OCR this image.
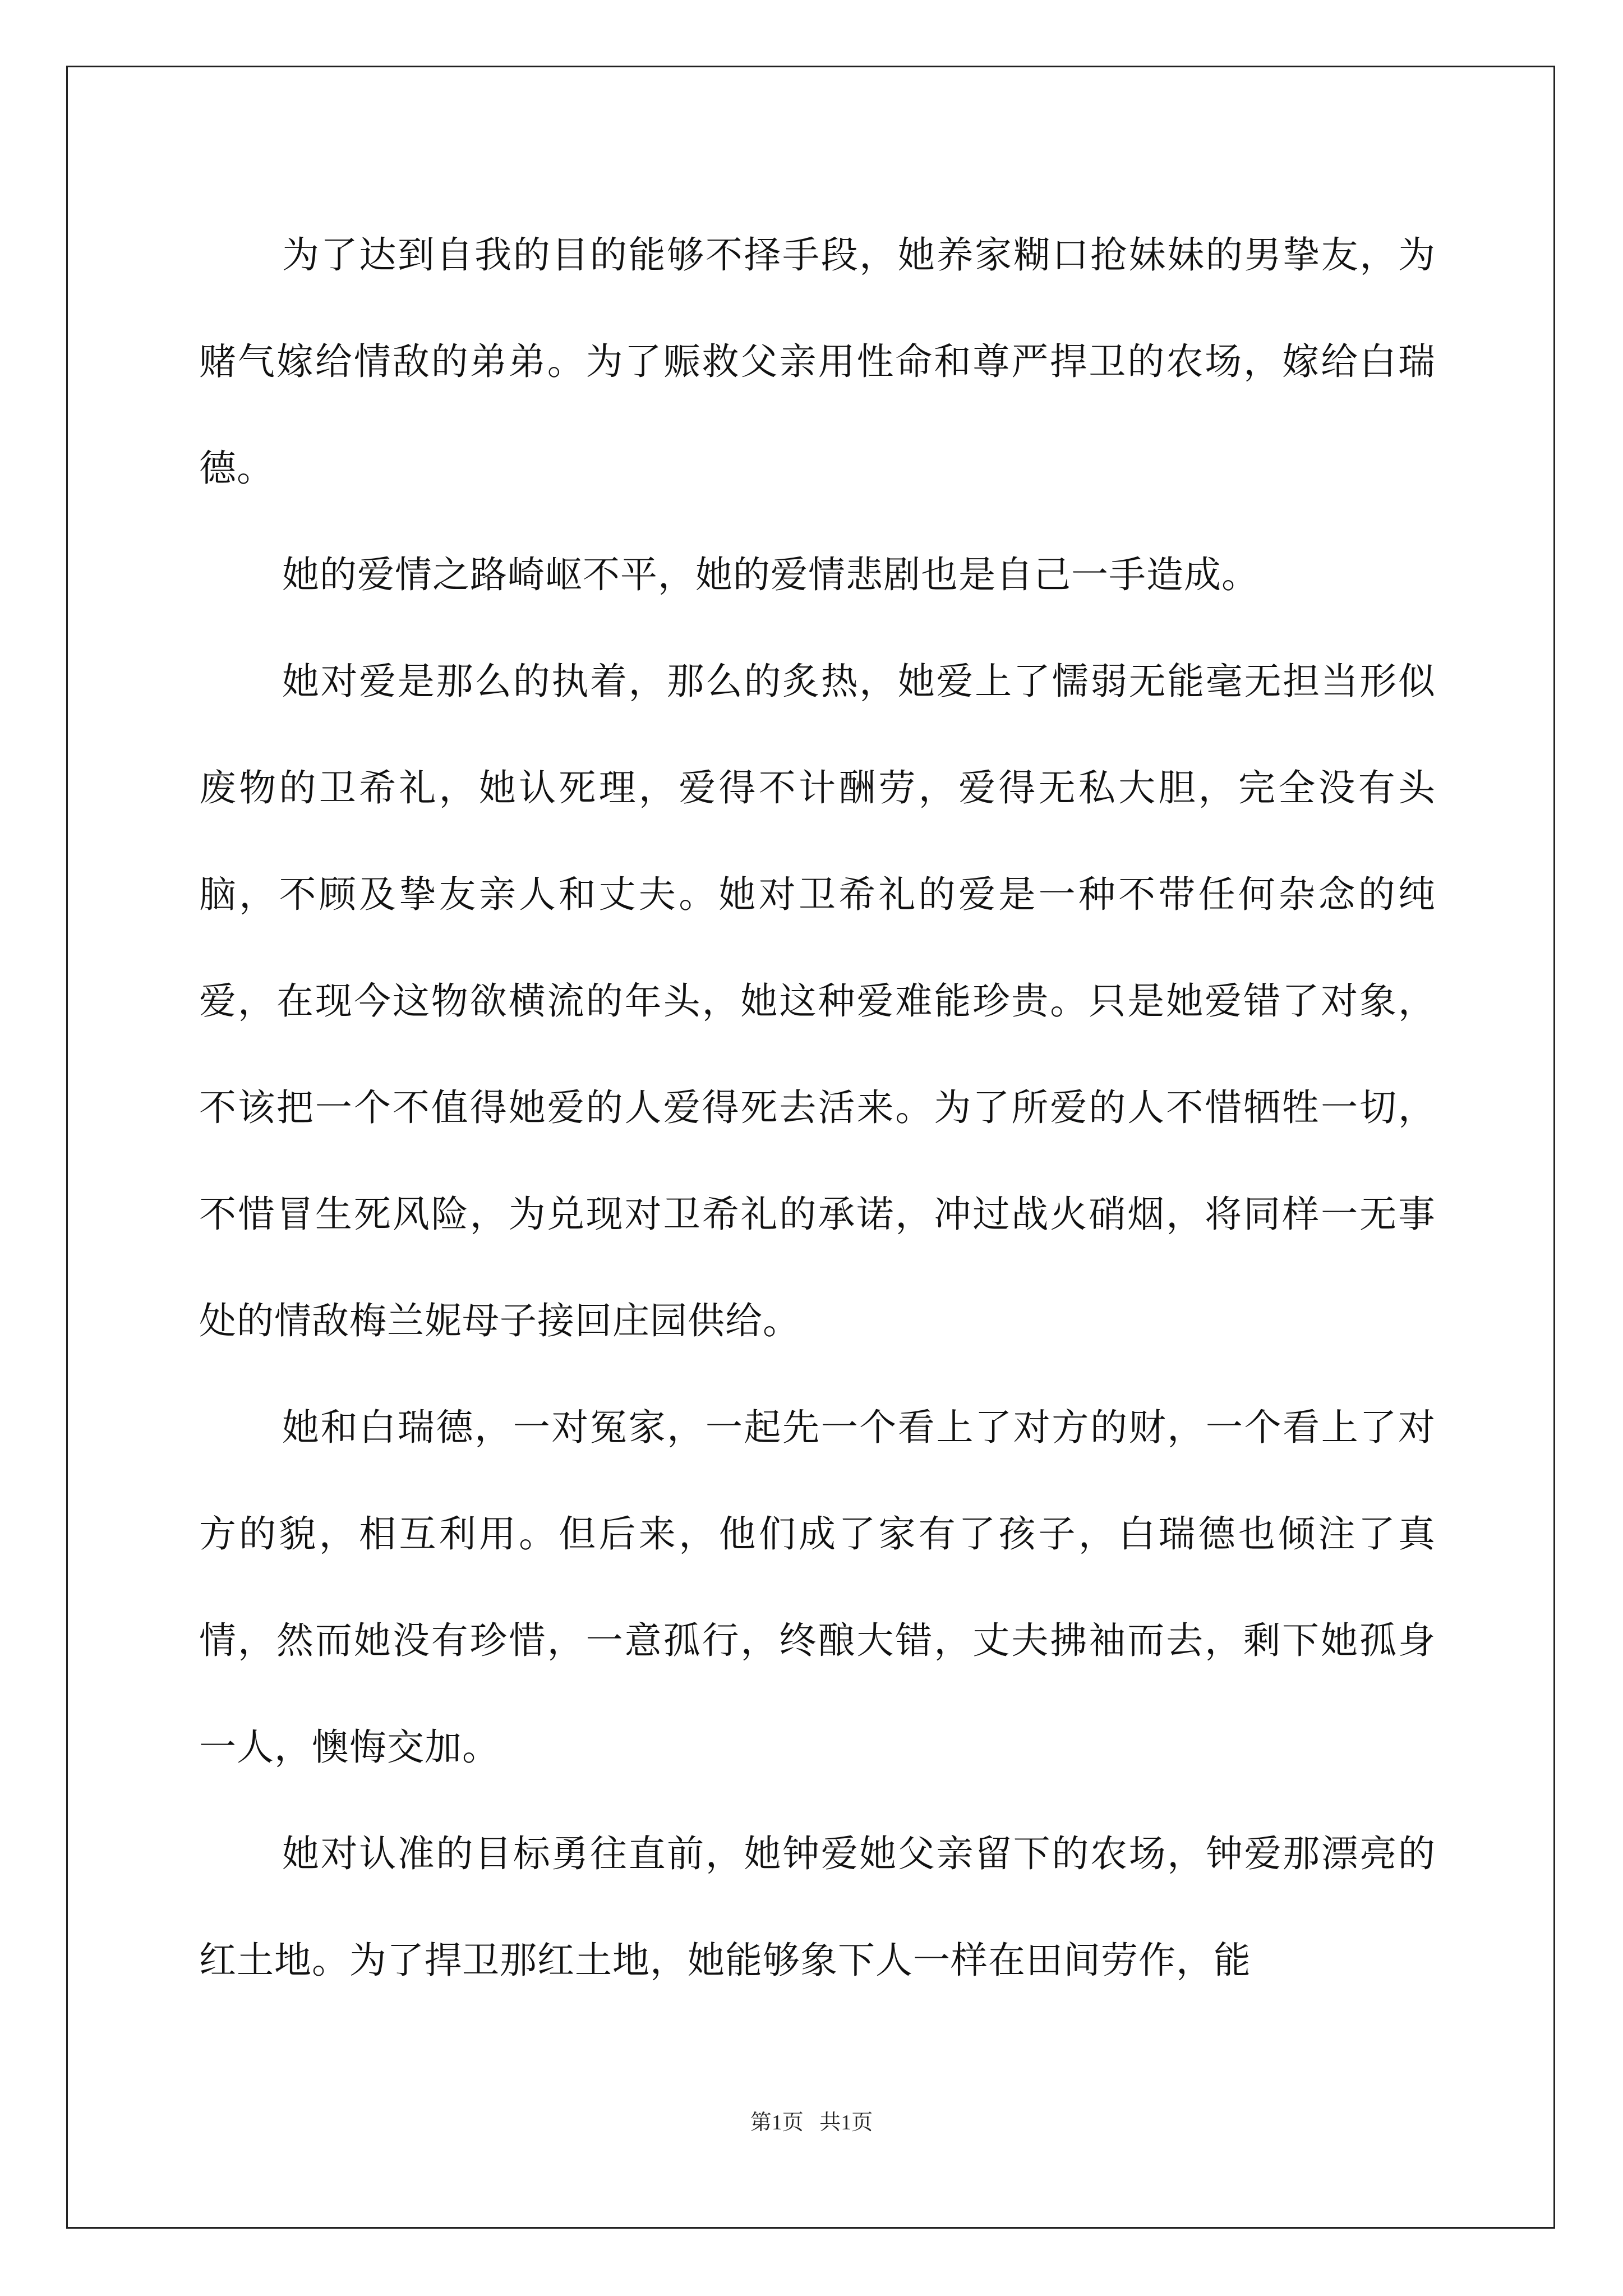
为了达到自我的目的能够不择手段，她养家糊口抢妹妹的男挚友，为赌气嫁给情敌的弟弟。为了赈救父亲用性命和尊严捍卫的农场，嫁给白瑞德。

她的爱情之路崎岖不平，她的爱情悲剧也是自己一手造成。

她对爱是那么的执着，那么的炙热，她爱上了懦弱无能毫无担当形似废物的卫希礼，她认死理，爱得不计酬劳，爱得无私大胆，完全没有头脑，不顾及挚友亲人和丈夫。她对卫希礼的爱是一种不带任何杂念的纯爱，在现今这物欲横流的年头，她这种爱难能珍贵。只是她爱错了对象，不该把一个不值得她爱的人爱得死去活来。为了所爱的人不惜牺牲一切，不惜冒生死风险，为兑现对卫希礼的承诺，冲过战火硝烟，将同样一无事处的情敌梅兰妮母子接回庄园供给。

她和白瑞德，一对冤家，一起先一个看上了对方的财，一个看上了对方的貌，相互利用。但后来，他们成了家有了孩子，白瑞德也倾注了真情，然而她没有珍惜，一意孤行，终酿大错，丈夫拂袖而去，剩下她孤身一人，懊悔交加。

她对认准的目标勇往直前，她钟爱她父亲留下的农场，钟爱那漂亮的红土地。为了捍卫那红土地，她能够象下人一样在田间劳作，能

第1页   共1页
